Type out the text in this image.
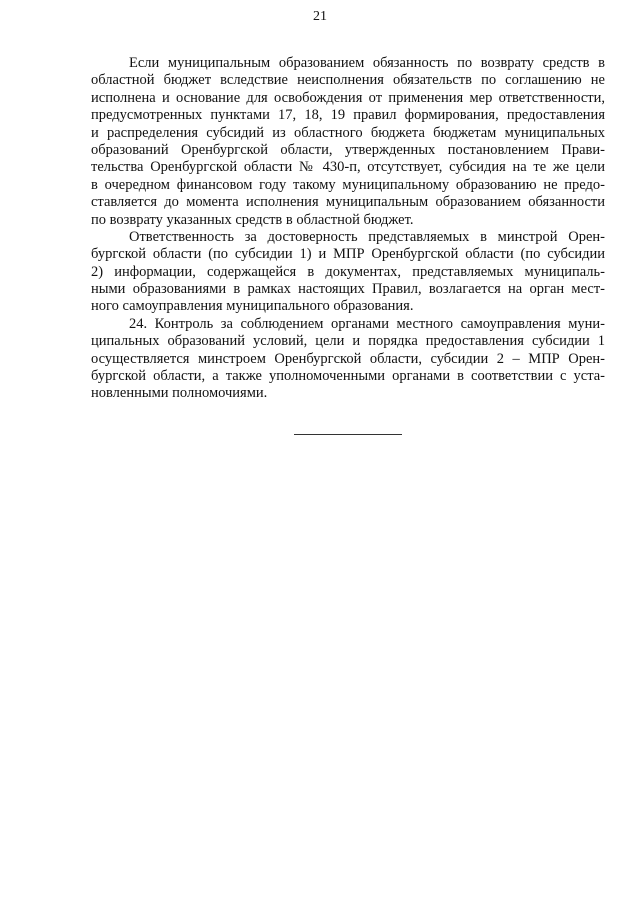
21
Если муниципальным образованием обязанность по возврату средств в
областной бюджет вследствие неисполнения обязательств по соглашению не
исполнена и основание для освобождения от применения мер ответственности,
предусмотренных пунктами 17, 18, 19 правил формирования, предоставления
и распределения субсидий из областного бюджета бюджетам муниципальных
образований Оренбургской области, утвержденных постановлением Прави-
тельства Оренбургской области № 430-п, отсутствует, субсидия на те же цели
в очередном финансовом году такому муниципальному образованию не предо-
ставляется до момента исполнения муниципальным образованием обязанности
по возврату указанных средств в областной бюджет.
Ответственность за достоверность представляемых в минстрой Орен-
бургской области (по субсидии 1) и МПР Оренбургской области (по субсидии
2) информации, содержащейся в документах, представляемых муниципаль-
ными образованиями в рамках настоящих Правил, возлагается на орган мест-
ного самоуправления муниципального образования.
24. Контроль за соблюдением органами местного самоуправления муни-
ципальных образований условий, цели и порядка предоставления субсидии 1
осуществляется минстроем Оренбургской области, субсидии 2 – МПР Орен-
бургской области, а также уполномоченными органами в соответствии с уста-
новленными полномочиями.
